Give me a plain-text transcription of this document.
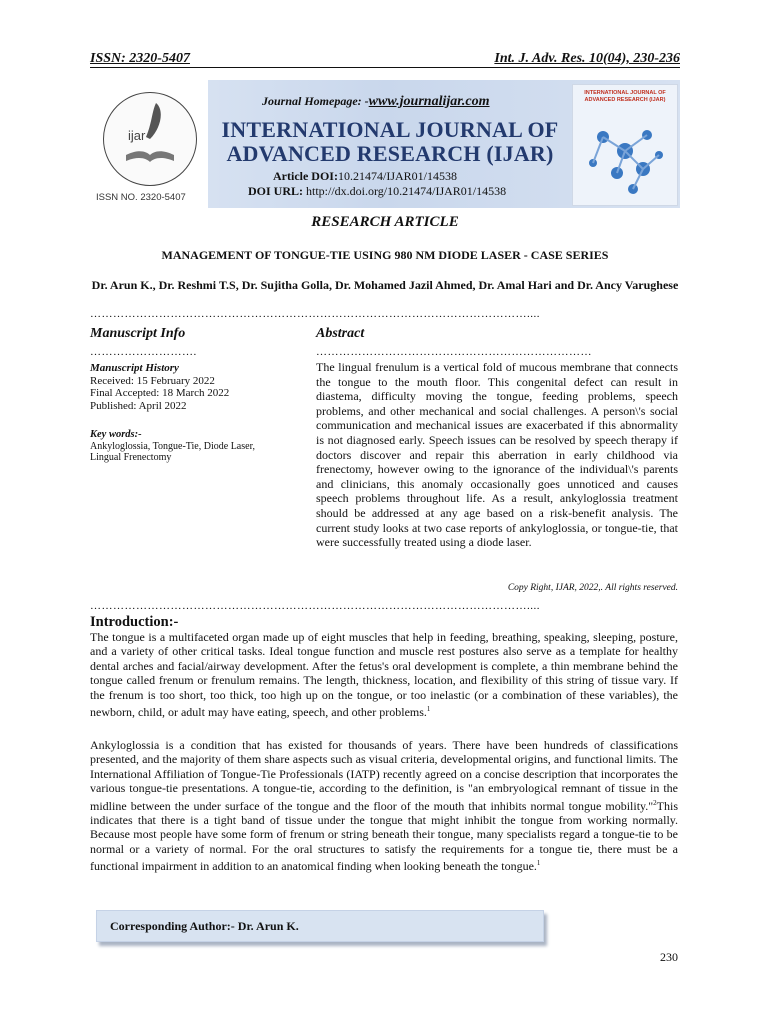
ISSN: 2320-5407	Int. J. Adv. Res. 10(04), 230-236
ijar
ISSN NO. 2320-5407
Journal Homepage: -www.journalijar.com
INTERNATIONAL JOURNAL OF
ADVANCED RESEARCH (IJAR)
Article DOI:10.21474/IJAR01/14538
DOI URL: http://dx.doi.org/10.21474/IJAR01/14538
INTERNATIONAL JOURNAL OF ADVANCED RESEARCH (IJAR)
RESEARCH ARTICLE
MANAGEMENT OF TONGUE-TIE USING 980 NM DIODE LASER - CASE SERIES
Dr. Arun K., Dr. Reshmi T.S, Dr. Sujitha Golla, Dr. Mohamed Jazil Ahmed, Dr. Amal Hari and Dr. Ancy Varughese
……………………………………………………………………………………………………....
Manuscript Info	Abstract
……………………….	………………………………………………………………
Manuscript History
Received: 15 February 2022
Final Accepted: 18 March 2022
Published: April 2022
Key words:-
Ankyloglossia, Tongue-Tie, Diode Laser, Lingual Frenectomy
The lingual frenulum is a vertical fold of mucous membrane that connects the tongue to the mouth floor. This congenital defect can result in diastema, difficulty moving the tongue, feeding problems, speech problems, and other mechanical and social challenges. A person\'s social communication and mechanical issues are exacerbated if this abnormality is not diagnosed early. Speech issues can be resolved by speech therapy if doctors discover and repair this aberration in early childhood via frenectomy, however owing to the ignorance of the individual\'s parents and clinicians, this anomaly occasionally goes unnoticed and causes speech problems throughout life. As a result, ankyloglossia treatment should be addressed at any age based on a risk-benefit analysis. The current study looks at two case reports of ankyloglossia, or tongue-tie, that were successfully treated using a diode laser.
Copy Right, IJAR, 2022,. All rights reserved.
……………………………………………………………………………………………………....
Introduction:-
The tongue is a multifaceted organ made up of eight muscles that help in feeding, breathing, speaking, sleeping, posture, and a variety of other critical tasks. Ideal tongue function and muscle rest postures also serve as a template for healthy dental arches and facial/airway development. After the fetus's oral development is complete, a thin membrane behind the tongue called frenum or frenulum remains. The length, thickness, location, and flexibility of this string of tissue vary. If the frenum is too short, too thick, too high up on the tongue, or too inelastic (or a combination of these variables), the newborn, child, or adult may have eating, speech, and other problems.$^1$
Ankyloglossia is a condition that has existed for thousands of years. There have been hundreds of classifications presented, and the majority of them share aspects such as visual criteria, developmental origins, and functional limits. The International Affiliation of Tongue-Tie Professionals (IATP) recently agreed on a concise description that incorporates the various tongue-tie presentations. A tongue-tie, according to the definition, is "an embryological remnant of tissue in the midline between the under surface of the tongue and the floor of the mouth that inhibits normal tongue mobility."$^2$This indicates that there is a tight band of tissue under the tongue that might inhibit the tongue from working normally. Because most people have some form of frenum or string beneath their tongue, many specialists regard a tongue-tie to be normal or a variety of normal. For the oral structures to satisfy the requirements for a tongue tie, there must be a functional impairment in addition to an anatomical finding when looking beneath the tongue.$^1$
Corresponding Author:- Dr. Arun K.
230
